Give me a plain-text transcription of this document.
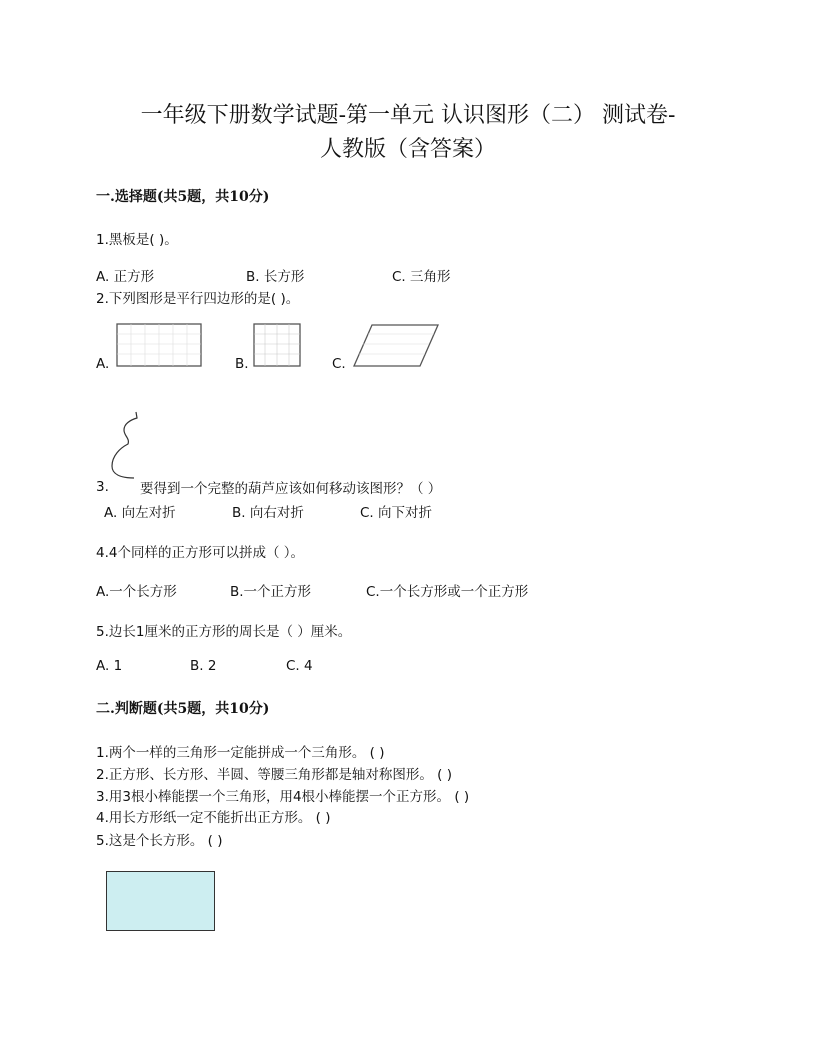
一年级下册数学试题-第一单元 认识图形（二） 测试卷-
人教版（含答案）
一.选择题(共5题，共10分)
1.黑板是( )。
A. 正方形	B. 长方形	C. 三角形
2.下列图形是平行四边形的是( )。
A.	B.	C.
3. 要得到一个完整的葫芦应该如何移动该图形？（ ）
A. 向左对折	B. 向右对折	C. 向下对折
4.4个同样的正方形可以拼成（ ）。
A.一个长方形	B.一个正方形	C.一个长方形或一个正方形
5.边长1厘米的正方形的周长是（ ）厘米。
A. 1	B. 2	C. 4
二.判断题(共5题，共10分)
1.两个一样的三角形一定能拼成一个三角形。 ( )
2.正方形、长方形、半圆、等腰三角形都是轴对称图形。 ( )
3.用3根小棒能摆一个三角形，用4根小棒能摆一个正方形。 ( )
4.用长方形纸一定不能折出正方形。 ( )
5.这是个长方形。 ( )
